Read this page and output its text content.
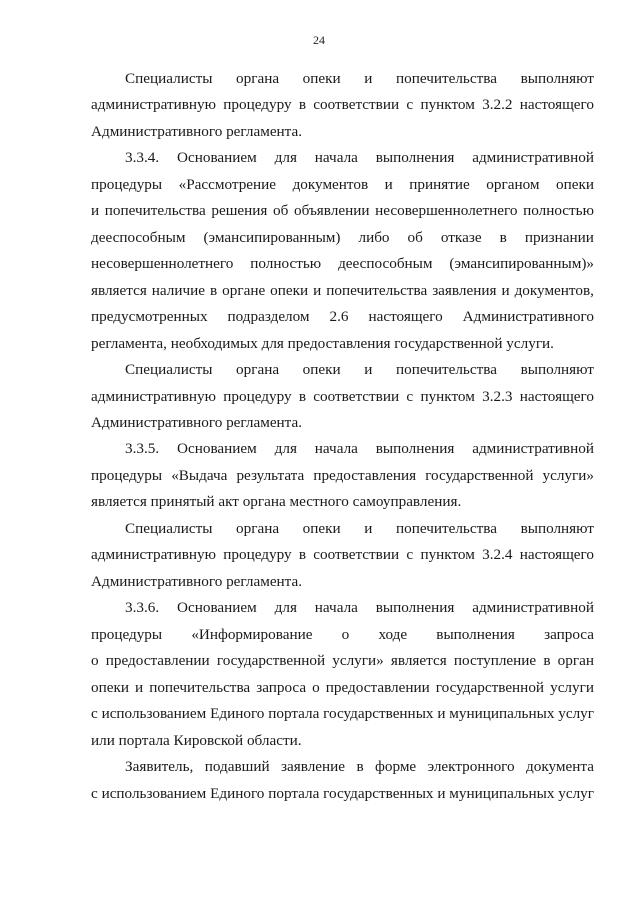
24
Специалисты органа опеки и попечительства выполняют
административную процедуру в соответствии с пунктом 3.2.2 настоящего
Административного регламента.
3.3.4. Основанием для начала выполнения административной
процедуры «Рассмотрение документов и принятие органом опеки
и попечительства решения об объявлении несовершеннолетнего полностью
дееспособным (эмансипированным) либо об отказе в признании
несовершеннолетнего полностью дееспособным (эмансипированным)»
является наличие в органе опеки и попечительства заявления и документов,
предусмотренных подразделом 2.6 настоящего Административного
регламента, необходимых для предоставления государственной услуги.
Специалисты органа опеки и попечительства выполняют
административную процедуру в соответствии с пунктом 3.2.3 настоящего
Административного регламента.
3.3.5. Основанием для начала выполнения административной
процедуры «Выдача результата предоставления государственной услуги»
является принятый акт органа местного самоуправления.
Специалисты органа опеки и попечительства выполняют
административную процедуру в соответствии с пунктом 3.2.4 настоящего
Административного регламента.
3.3.6. Основанием для начала выполнения административной
процедуры «Информирование о ходе выполнения запроса
о предоставлении государственной услуги» является поступление в орган
опеки и попечительства запроса о предоставлении государственной услуги
с использованием Единого портала государственных и муниципальных услуг
или портала Кировской области.
Заявитель, подавший заявление в форме электронного документа
с использованием Единого портала государственных и муниципальных услуг
